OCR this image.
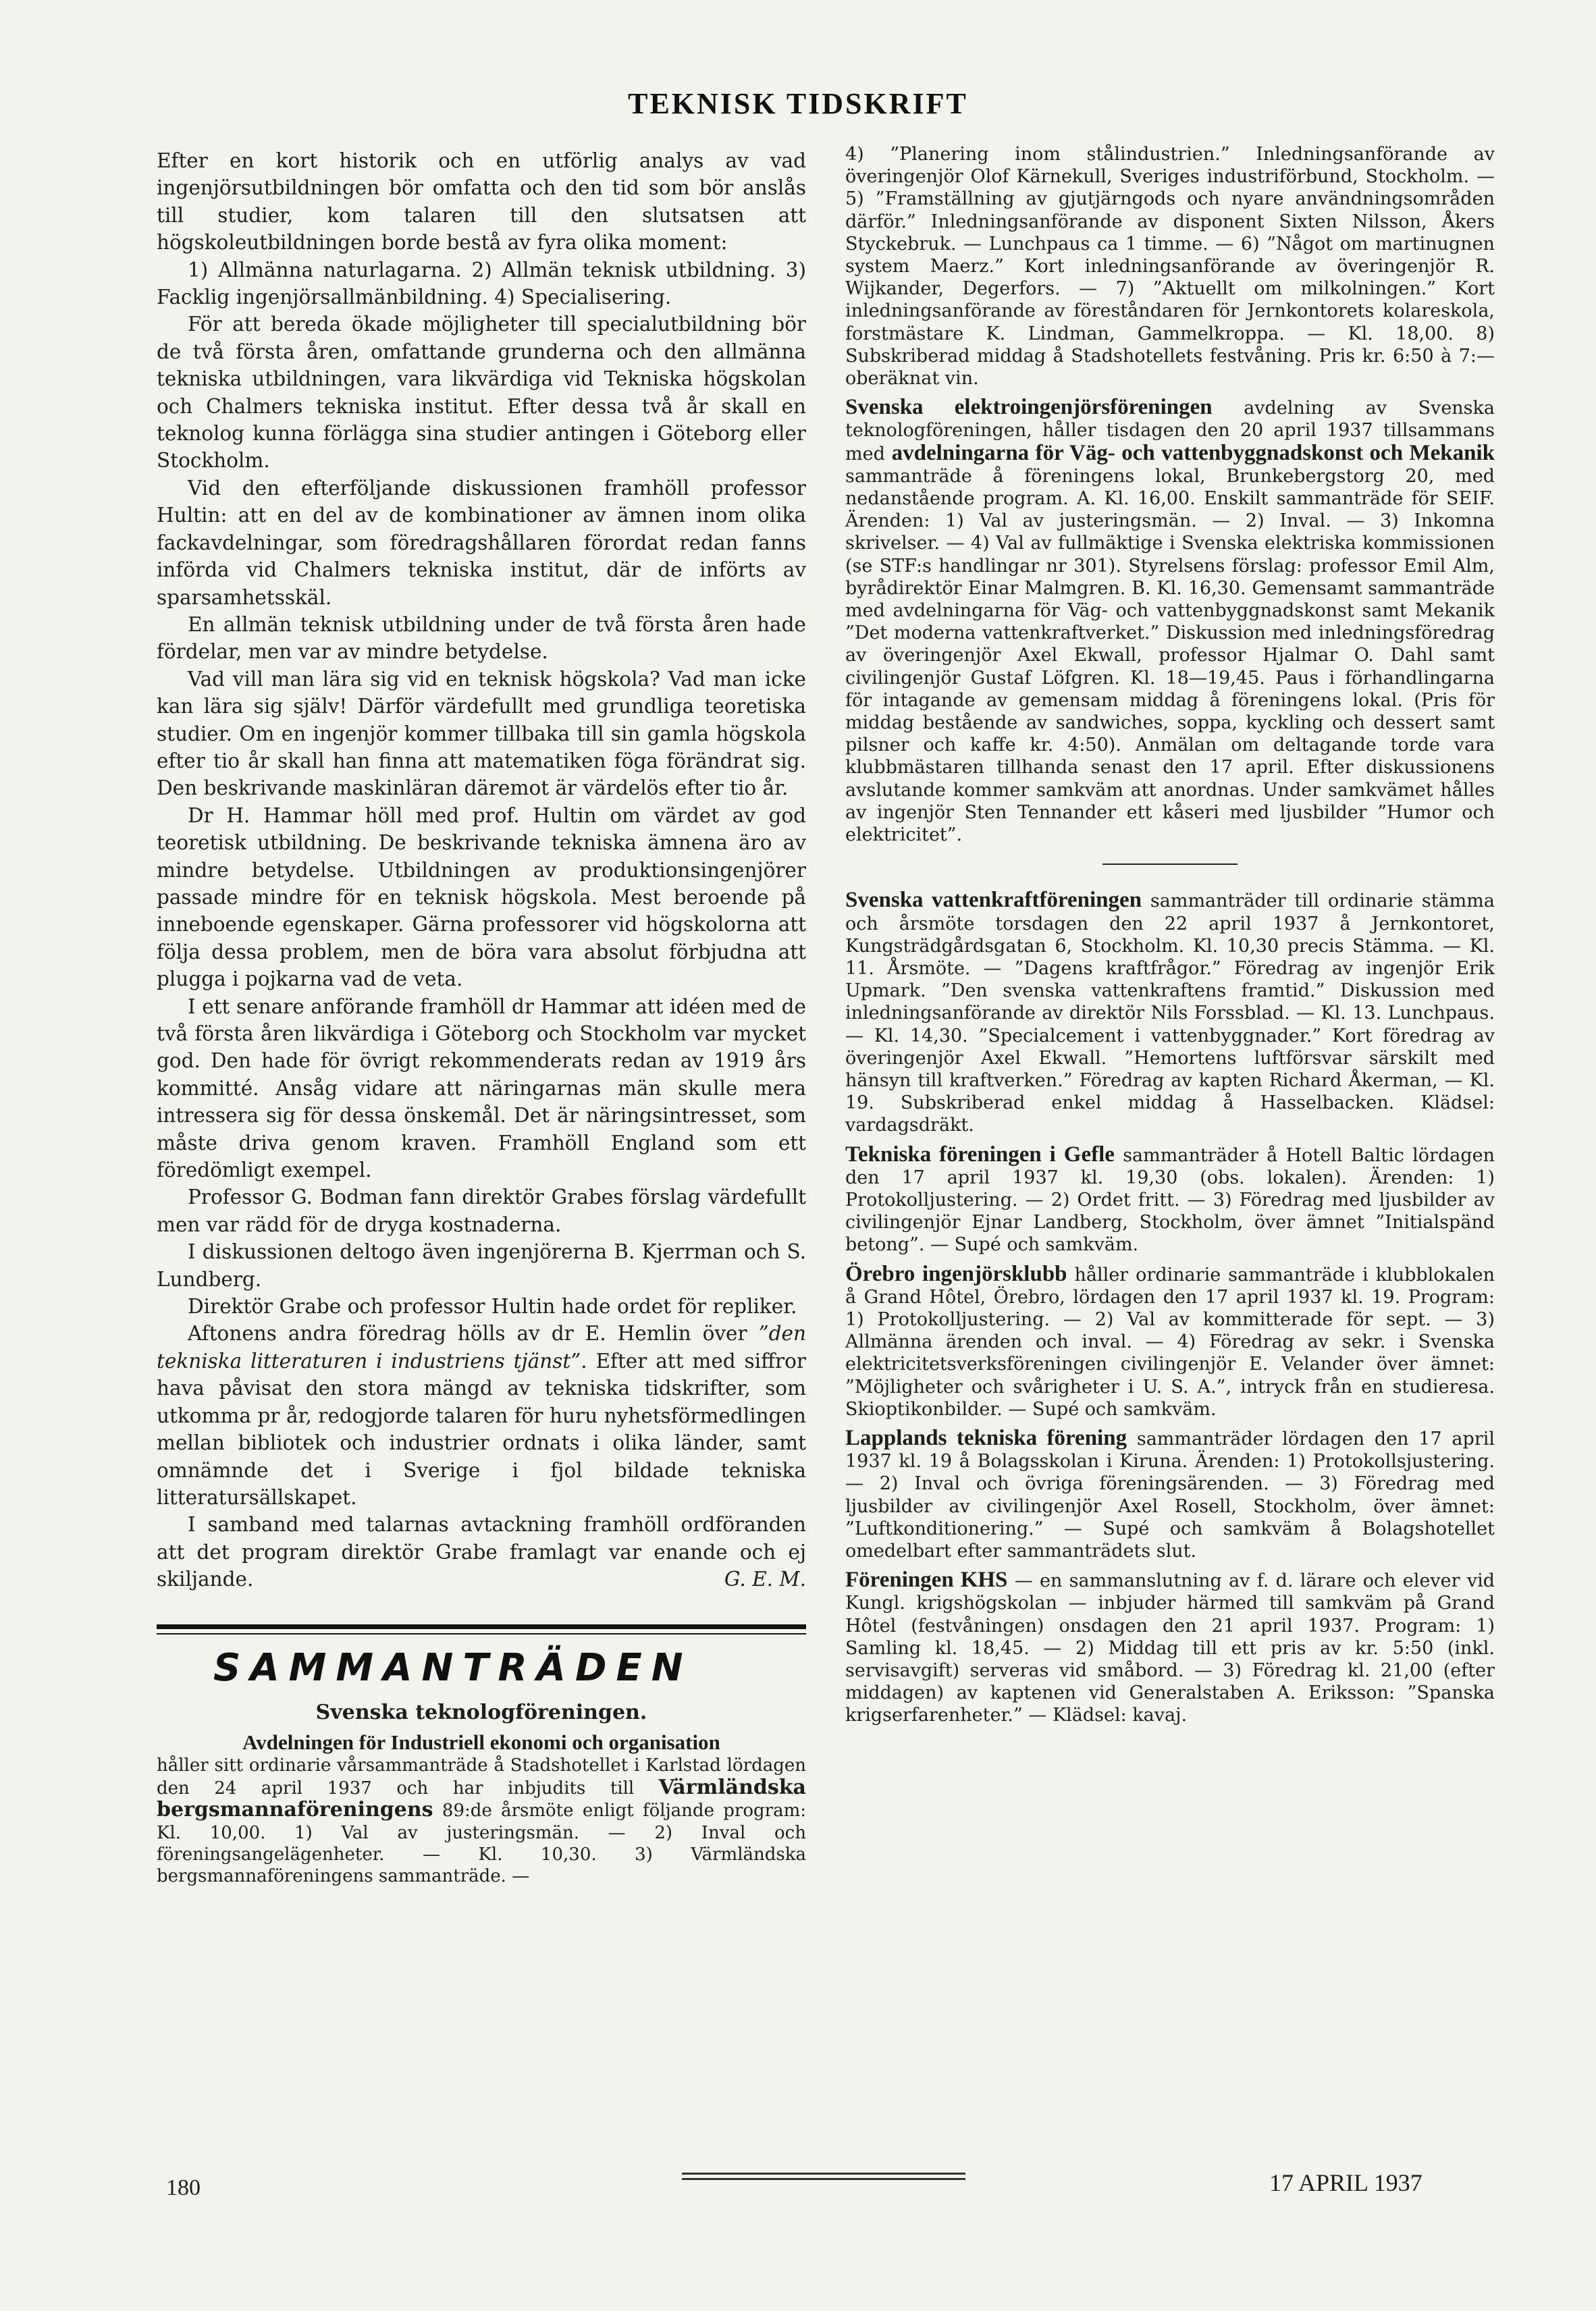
TEKNISK TIDSKRIFT

Efter en kort historik och en utförlig analys av vad ingenjörsutbildningen bör omfatta och den tid som bör anslås till studier, kom talaren till den slutsatsen att högskoleutbildningen borde bestå av fyra olika moment:

1) Allmänna naturlagarna. 2) Allmän teknisk utbildning. 3) Facklig ingenjörsallmänbildning. 4) Specialisering.

För att bereda ökade möjligheter till specialutbildning bör de två första åren, omfattande grunderna och den allmänna tekniska utbildningen, vara likvärdiga vid Tekniska högskolan och Chalmers tekniska institut. Efter dessa två år skall en teknolog kunna förlägga sina studier antingen i Göteborg eller Stockholm.

Vid den efterföljande diskussionen framhöll professor Hultin: att en del av de kombinationer av ämnen inom olika fackavdelningar, som föredragshållaren förordat redan fanns införda vid Chalmers tekniska institut, där de införts av sparsamhetsskäl.

En allmän teknisk utbildning under de två första åren hade fördelar, men var av mindre betydelse.

Vad vill man lära sig vid en teknisk högskola? Vad man icke kan lära sig själv! Därför värdefullt med grundliga teoretiska studier. Om en ingenjör kommer tillbaka till sin gamla högskola efter tio år skall han finna att matematiken föga förändrat sig. Den beskrivande maskinläran däremot är värdelös efter tio år.

Dr H. Hammar höll med prof. Hultin om värdet av god teoretisk utbildning. De beskrivande tekniska ämnena äro av mindre betydelse. Utbildningen av produktionsingenjörer passade mindre för en teknisk högskola. Mest beroende på inneboende egenskaper. Gärna professorer vid högskolorna att följa dessa problem, men de böra vara absolut förbjudna att plugga i pojkarna vad de veta.

I ett senare anförande framhöll dr Hammar att idéen med de två första åren likvärdiga i Göteborg och Stockholm var mycket god. Den hade för övrigt rekommenderats redan av 1919 års kommitté. Ansåg vidare att näringarnas män skulle mera intressera sig för dessa önskemål. Det är näringsintresset, som måste driva genom kraven. Framhöll England som ett föredömligt exempel.

Professor G. Bodman fann direktör Grabes förslag värdefullt men var rädd för de dryga kostnaderna.

I diskussionen deltogo även ingenjörerna B. Kjerrman och S. Lundberg.

Direktör Grabe och professor Hultin hade ordet för repliker.

Aftonens andra föredrag hölls av dr E. Hemlin över ”den tekniska litteraturen i industriens tjänst”. Efter att med siffror hava påvisat den stora mängd av tekniska tidskrifter, som utkomma pr år, redogjorde talaren för huru nyhetsförmedlingen mellan bibliotek och industrier ordnats i olika länder, samt omnämnde det i Sverige i fjol bildade tekniska litteratursällskapet.

I samband med talarnas avtackning framhöll ordföranden att det program direktör Grabe framlagt var enande och ej skiljande.	G. E. M.

SAMMANTRÄDEN
Svenska teknologföreningen.
Avdelningen för Industriell ekonomi och organisation
håller sitt ordinarie vårsammanträde å Stadshotellet i Karlstad lördagen den 24 april 1937 och har inbjudits till Värmländska bergsmannaföreningens 89:de årsmöte enligt följande program: Kl. 10,00. 1) Val av justeringsmän. — 2) Inval och föreningsangelägenheter. — Kl. 10,30. 3) Värmländska bergsmannaföreningens sammanträde. —

4) ”Planering inom stålindustrien.” Inledningsanförande av överingenjör Olof Kärnekull, Sveriges industriförbund, Stockholm. — 5) ”Framställning av gjutjärngods och nyare användningsområden därför.” Inledningsanförande av disponent Sixten Nilsson, Åkers Styckebruk. — Lunchpaus ca 1 timme. — 6) ”Något om martinugnen system Maerz.” Kort inledningsanförande av överingenjör R. Wijkander, Degerfors. — 7) ”Aktuellt om milkolningen.” Kort inledningsanförande av föreståndaren för Jernkontorets kolareskola, forstmästare K. Lindman, Gammelkroppa. — Kl. 18,00. 8) Subskriberad middag å Stadshotellets festvåning. Pris kr. 6:50 à 7:— oberäknat vin.

Svenska elektroingenjörsföreningen avdelning av Svenska teknologföreningen, håller tisdagen den 20 april 1937 tillsammans med avdelningarna för Väg- och vattenbyggnadskonst och Mekanik sammanträde å föreningens lokal, Brunkebergstorg 20, med nedanstående program. A. Kl. 16,00. Enskilt sammanträde för SEIF. Ärenden: 1) Val av justeringsmän. — 2) Inval. — 3) Inkomna skrivelser. — 4) Val av fullmäktige i Svenska elektriska kommissionen (se STF:s handlingar nr 301). Styrelsens förslag: professor Emil Alm, byrådirektör Einar Malmgren. B. Kl. 16,30. Gemensamt sammanträde med avdelningarna för Väg- och vattenbyggnadskonst samt Mekanik ”Det moderna vattenkraftverket.” Diskussion med inledningsföredrag av överingenjör Axel Ekwall, professor Hjalmar O. Dahl samt civilingenjör Gustaf Löfgren. Kl. 18—19,45. Paus i förhandlingarna för intagande av gemensam middag å föreningens lokal. (Pris för middag bestående av sandwiches, soppa, kyckling och dessert samt pilsner och kaffe kr. 4:50). Anmälan om deltagande torde vara klubbmästaren tillhanda senast den 17 april. Efter diskussionens avslutande kommer samkväm att anordnas. Under samkvämet hålles av ingenjör Sten Tennander ett kåseri med ljusbilder ”Humor och elektricitet”.

Svenska vattenkraftföreningen sammanträder till ordinarie stämma och årsmöte torsdagen den 22 april 1937 å Jernkontoret, Kungsträdgårdsgatan 6, Stockholm. Kl. 10,30 precis Stämma. — Kl. 11. Årsmöte. — ”Dagens kraftfrågor.” Föredrag av ingenjör Erik Upmark. ”Den svenska vattenkraftens framtid.” Diskussion med inledningsanförande av direktör Nils Forssblad. — Kl. 13. Lunchpaus. — Kl. 14,30. ”Specialcement i vattenbyggnader.” Kort föredrag av överingenjör Axel Ekwall. ”Hemortens luftförsvar särskilt med hänsyn till kraftverken.” Föredrag av kapten Richard Åkerman, — Kl. 19. Subskriberad enkel middag å Hasselbacken. Klädsel: vardagsdräkt.

Tekniska föreningen i Gefle sammanträder å Hotell Baltic lördagen den 17 april 1937 kl. 19,30 (obs. lokalen). Ärenden: 1) Protokolljustering. — 2) Ordet fritt. — 3) Föredrag med ljusbilder av civilingenjör Ejnar Landberg, Stockholm, över ämnet ”Initialspänd betong”. — Supé och samkväm.

Örebro ingenjörsklubb håller ordinarie sammanträde i klubblokalen å Grand Hôtel, Örebro, lördagen den 17 april 1937 kl. 19. Program: 1) Protokolljustering. — 2) Val av kommitterade för sept. — 3) Allmänna ärenden och inval. — 4) Föredrag av sekr. i Svenska elektricitetsverksföreningen civilingenjör E. Velander över ämnet: ”Möjligheter och svårigheter i U. S. A.”, intryck från en studieresa. Skioptikonbilder. — Supé och samkväm.

Lapplands tekniska förening sammanträder lördagen den 17 april 1937 kl. 19 å Bolagsskolan i Kiruna. Ärenden: 1) Protokollsjustering. — 2) Inval och övriga föreningsärenden. — 3) Föredrag med ljusbilder av civilingenjör Axel Rosell, Stockholm, över ämnet: ”Luftkonditionering.” — Supé och samkväm å Bolagshotellet omedelbart efter sammanträdets slut.

Föreningen KHS — en sammanslutning av f. d. lärare och elever vid Kungl. krigshögskolan — inbjuder härmed till samkväm på Grand Hôtel (festvåningen) onsdagen den 21 april 1937. Program: 1) Samling kl. 18,45. — 2) Middag till ett pris av kr. 5:50 (inkl. servisavgift) serveras vid småbord. — 3) Föredrag kl. 21,00 (efter middagen) av kaptenen vid Generalstaben A. Eriksson: ”Spanska krigserfarenheter.” — Klädsel: kavaj.

180	17 APRIL 1937
